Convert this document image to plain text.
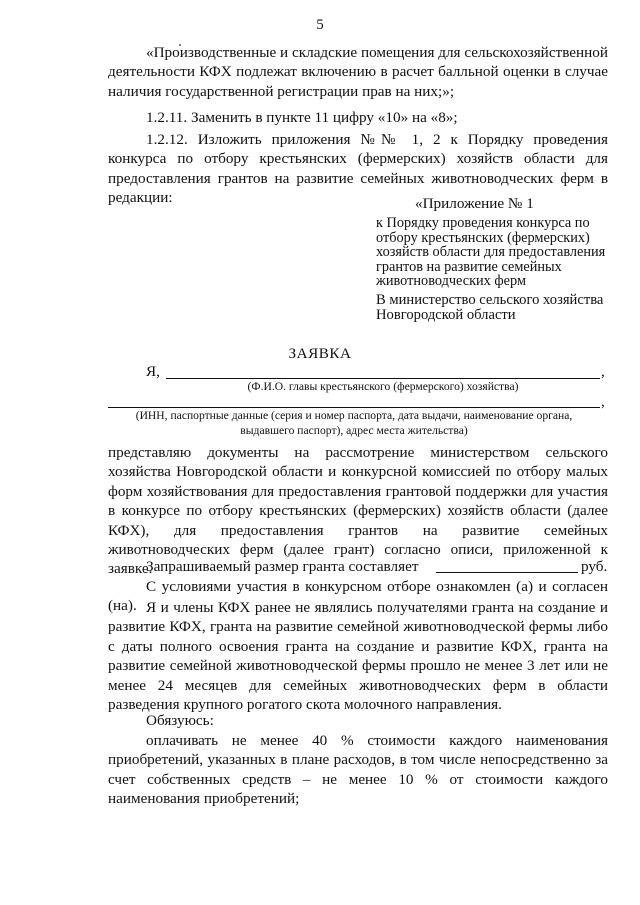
5

«Производственные и складские помещения для сельскохозяйственной деятельности КФХ подлежат включению в расчет балльной оценки в случае наличия государственной регистрации прав на них;»;

1.2.11. Заменить в пункте 11 цифру «10» на «8»;

1.2.12. Изложить приложения №№ 1, 2 к Порядку проведения конкурса по отбору крестьянских (фермерских) хозяйств области для предоставления грантов на развитие семейных животноводческих ферм в редакции:	«Приложение № 1

к Порядку проведения конкурса по отбору крестьянских (фермерских) хозяйств области для предоставления грантов на развитие семейных животноводческих ферм

В министерство сельского хозяйства Новгородской области

ЗАЯВКА
Я,	,
(Ф.И.О. главы крестьянского (фермерского) хозяйства)
,
(ИНН, паспортные данные (серия и номер паспорта, дата выдачи, наименование органа,
выдавшего паспорт), адрес места жительства)

представляю документы на рассмотрение министерством сельского хозяйства Новгородской области и конкурсной комиссией по отбору малых форм хозяйствования для предоставления грантовой поддержки для участия в конкурсе по отбору крестьянских (фермерских) хозяйств области (далее КФХ), для предоставления грантов на развитие семейных животноводческих ферм (далее грант) согласно описи, приложенной к заявке.

Запрашиваемый размер гранта составляет	руб.

С условиями участия в конкурсном отборе ознакомлен (а) и согласен (на). Я и члены КФХ ранее не являлись получателями гранта на создание и развитие КФХ, гранта на развитие семейной животноводческой фермы либо с даты полного освоения гранта на создание и развитие КФХ, гранта на развитие семейной животноводческой фермы прошло не менее 3 лет или не менее 24 месяцев для семейных животноводческих ферм в области разведения крупного рогатого скота молочного направления.

Обязуюсь:

оплачивать не менее 40 % стоимости каждого наименования приобретений, указанных в плане расходов, в том числе непосредственно за счет собственных средств – не менее 10 % от стоимости каждого наименования приобретений;
